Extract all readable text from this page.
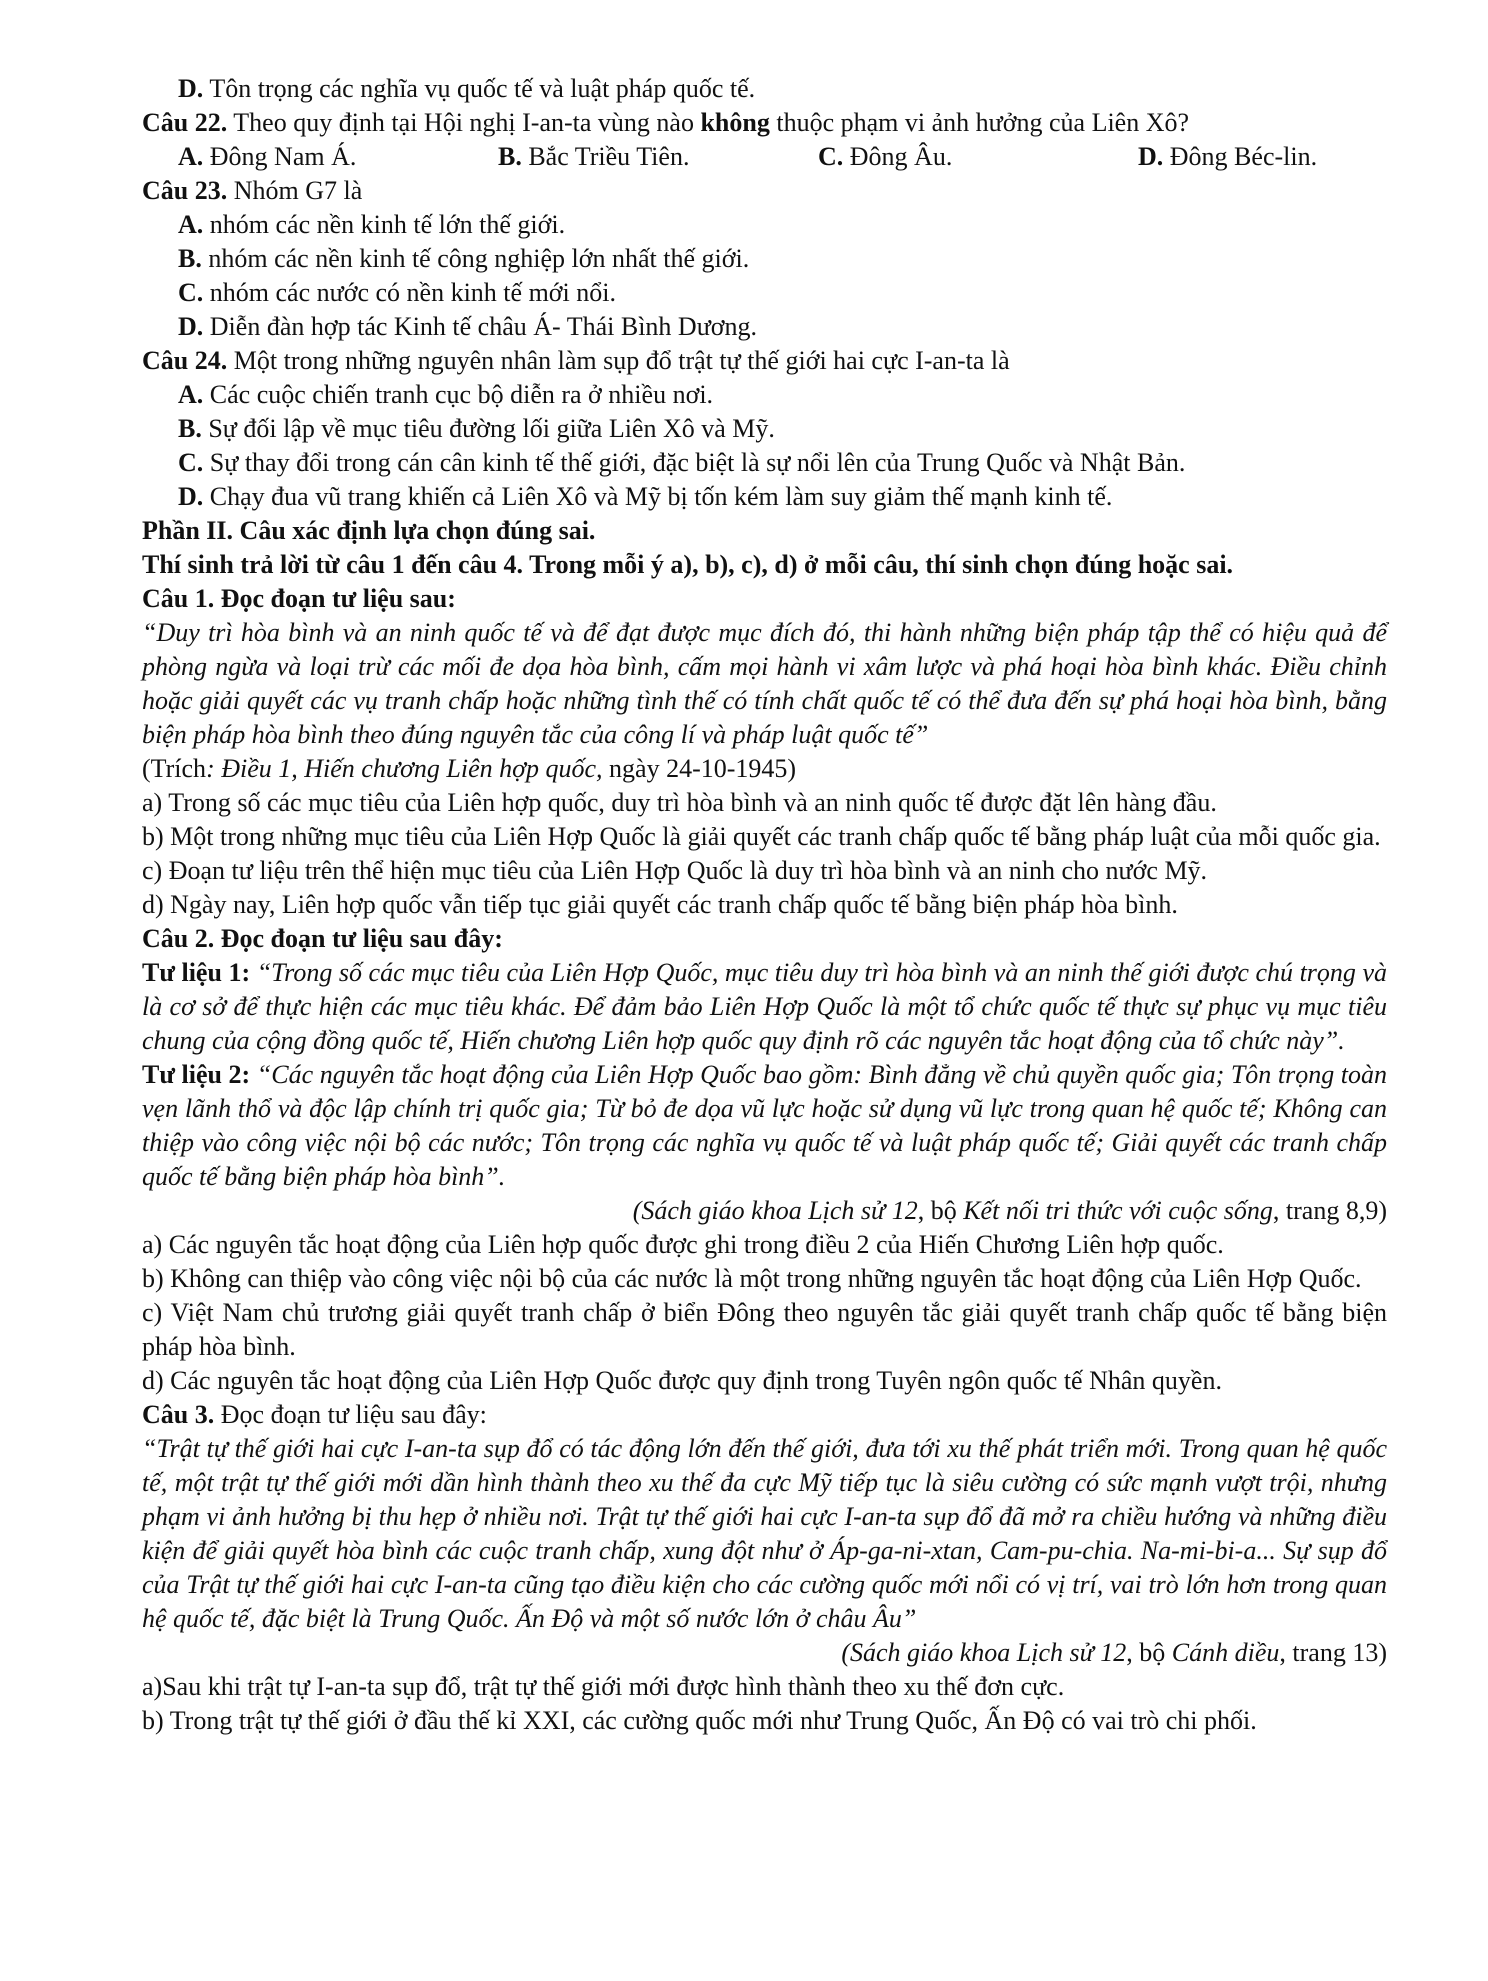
D. Tôn trọng các nghĩa vụ quốc tế và luật pháp quốc tế.
Câu 22. Theo quy định tại Hội nghị I-an-ta vùng nào không thuộc phạm vi ảnh hưởng của Liên Xô?
A. Đông Nam Á.	B. Bắc Triều Tiên.	C. Đông Âu.	D. Đông Béc-lin.
Câu 23. Nhóm G7 là
A. nhóm các nền kinh tế lớn thế giới.
B. nhóm các nền kinh tế công nghiệp lớn nhất thế giới.
C. nhóm các nước có nền kinh tế mới nổi.
D. Diễn đàn hợp tác Kinh tế châu Á- Thái Bình Dương.
Câu 24. Một trong những nguyên nhân làm sụp đổ trật tự thế giới hai cực I-an-ta là
A. Các cuộc chiến tranh cục bộ diễn ra ở nhiều nơi.
B. Sự đối lập về mục tiêu đường lối giữa Liên Xô và Mỹ.
C. Sự thay đổi trong cán cân kinh tế thế giới, đặc biệt là sự nổi lên của Trung Quốc và Nhật Bản.
D. Chạy đua vũ trang khiến cả Liên Xô và Mỹ bị tốn kém làm suy giảm thế mạnh kinh tế.
Phần II. Câu xác định lựa chọn đúng sai.
Thí sinh trả lời từ câu 1 đến câu 4. Trong mỗi ý a), b), c), d) ở mỗi câu, thí sinh chọn đúng hoặc sai.
Câu 1. Đọc đoạn tư liệu sau:
“Duy trì hòa bình và an ninh quốc tế và để đạt được mục đích đó, thi hành những biện pháp tập thể có hiệu quả để phòng ngừa và loại trừ các mối đe dọa hòa bình, cấm mọi hành vi xâm lược và phá hoại hòa bình khác. Điều chỉnh hoặc giải quyết các vụ tranh chấp hoặc những tình thế có tính chất quốc tế có thể đưa đến sự phá hoại hòa bình, bằng biện pháp hòa bình theo đúng nguyên tắc của công lí và pháp luật quốc tế”
(Trích: Điều 1, Hiến chương Liên hợp quốc, ngày 24-10-1945)
a) Trong số các mục tiêu của Liên hợp quốc, duy trì hòa bình và an ninh quốc tế được đặt lên hàng đầu.
b) Một trong những mục tiêu của Liên Hợp Quốc là giải quyết các tranh chấp quốc tế bằng pháp luật của mỗi quốc gia.
c) Đoạn tư liệu trên thể hiện mục tiêu của Liên Hợp Quốc là duy trì hòa bình và an ninh cho nước Mỹ.
d) Ngày nay, Liên hợp quốc vẫn tiếp tục giải quyết các tranh chấp quốc tế bằng biện pháp hòa bình.
Câu 2. Đọc đoạn tư liệu sau đây:
Tư liệu 1: “Trong số các mục tiêu của Liên Hợp Quốc, mục tiêu duy trì hòa bình và an ninh thế giới được chú trọng và là cơ sở để thực hiện các mục tiêu khác. Để đảm bảo Liên Hợp Quốc là một tổ chức quốc tế thực sự phục vụ mục tiêu chung của cộng đồng quốc tế, Hiến chương Liên hợp quốc quy định rõ các nguyên tắc hoạt động của tổ chức này”.
Tư liệu 2: “Các nguyên tắc hoạt động của Liên Hợp Quốc bao gồm: Bình đẳng về chủ quyền quốc gia; Tôn trọng toàn vẹn lãnh thổ và độc lập chính trị quốc gia; Từ bỏ đe dọa vũ lực hoặc sử dụng vũ lực trong quan hệ quốc tế; Không can thiệp vào công việc nội bộ các nước; Tôn trọng các nghĩa vụ quốc tế và luật pháp quốc tế; Giải quyết các tranh chấp quốc tế bằng biện pháp hòa bình”.
(Sách giáo khoa Lịch sử 12, bộ Kết nối tri thức với cuộc sống, trang 8,9)
a) Các nguyên tắc hoạt động của Liên hợp quốc được ghi trong điều 2 của Hiến Chương Liên hợp quốc.
b) Không can thiệp vào công việc nội bộ của các nước là một trong những nguyên tắc hoạt động của Liên Hợp Quốc.
c) Việt Nam chủ trương giải quyết tranh chấp ở biển Đông theo nguyên tắc giải quyết tranh chấp quốc tế bằng biện pháp hòa bình.
d) Các nguyên tắc hoạt động của Liên Hợp Quốc được quy định trong Tuyên ngôn quốc tế Nhân quyền.
Câu 3. Đọc đoạn tư liệu sau đây:
“Trật tự thế giới hai cực I-an-ta sụp đổ có tác động lớn đến thế giới, đưa tới xu thế phát triển mới. Trong quan hệ quốc tế, một trật tự thế giới mới dần hình thành theo xu thế đa cực Mỹ tiếp tục là siêu cường có sức mạnh vượt trội, nhưng phạm vi ảnh hưởng bị thu hẹp ở nhiều nơi. Trật tự thế giới hai cực I-an-ta sụp đổ đã mở ra chiều hướng và những điều kiện để giải quyết hòa bình các cuộc tranh chấp, xung đột như ở Áp-ga-ni-xtan, Cam-pu-chia. Na-mi-bi-a... Sự sụp đổ của Trật tự thế giới hai cực I-an-ta cũng tạo điều kiện cho các cường quốc mới nổi có vị trí, vai trò lớn hơn trong quan hệ quốc tế, đặc biệt là Trung Quốc. Ấn Độ và một số nước lớn ở châu Âu”
(Sách giáo khoa Lịch sử 12, bộ Cánh diều, trang 13)
a)Sau khi trật tự I-an-ta sụp đổ, trật tự thế giới mới được hình thành theo xu thế đơn cực.
b) Trong trật tự thế giới ở đầu thế kỉ XXI, các cường quốc mới như Trung Quốc, Ấn Độ có vai trò chi phối.
